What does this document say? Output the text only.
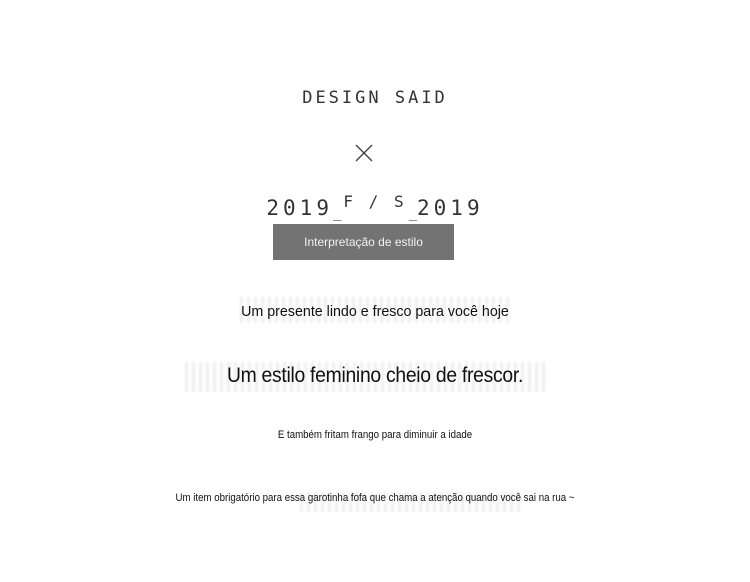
DESIGN SAID
2019_F / S_2019
Interpretação de estilo
Um presente lindo e fresco para você hoje
Um estilo feminino cheio de frescor.
E também fritam frango para diminuir a idade
Um item obrigatório para essa garotinha fofa que chama a atenção quando você sai na rua ~
